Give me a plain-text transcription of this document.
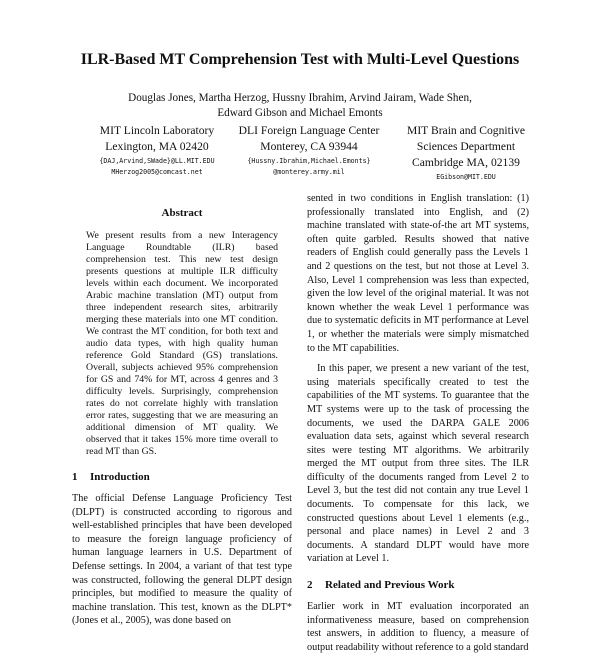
ILR-Based MT Comprehension Test with Multi-Level Questions
Douglas Jones, Martha Herzog, Hussny Ibrahim, Arvind Jairam, Wade Shen,
Edward Gibson and Michael Emonts
MIT Lincoln Laboratory
Lexington, MA 02420
{DAJ,Arvind,SWade}@LL.MIT.EDU
MHerzog2005@comcast.net
DLI Foreign Language Center
Monterey, CA 93944
{Hussny.Ibrahim,Michael.Emonts}
@monterey.army.mil
MIT Brain and Cognitive
Sciences Department
Cambridge MA, 02139
EGibson@MIT.EDU
Abstract

We present results from a new Interagency Language Roundtable (ILR) based comprehension test. This new test design presents questions at multiple ILR difficulty levels within each document. We incorporated Arabic machine translation (MT) output from three independent research sites, arbitrarily merging these materials into one MT condition. We contrast the MT condition, for both text and audio data types, with high quality human reference Gold Standard (GS) translations. Overall, subjects achieved 95% comprehension for GS and 74% for MT, across 4 genres and 3 difficulty levels. Surprisingly, comprehension rates do not correlate highly with translation error rates, suggesting that we are measuring an additional dimension of MT quality. We observed that it takes 15% more time overall to read MT than GS.

1 Introduction

The official Defense Language Proficiency Test (DLPT) is constructed according to rigorous and well-established principles that have been developed to measure the foreign language proficiency of human language learners in U.S. Department of Defense settings. In 2004, a variant of that test type was constructed, following the general DLPT design principles, but modified to measure the quality of machine translation. This test, known as the DLPT* (Jones et al., 2005), was done based on

sented in two conditions in English translation: (1) professionally translated into English, and (2) machine translated with state-of-the art MT systems, often quite garbled. Results showed that native readers of English could generally pass the Levels 1 and 2 questions on the test, but not those at Level 3. Also, Level 1 comprehension was less than expected, given the low level of the original material. It was not known whether the weak Level 1 performance was due to systematic deficits in MT performance at Level 1, or whether the materials were simply mismatched to the MT capabilities.

In this paper, we present a new variant of the test, using materials specifically created to test the capabilities of the MT systems. To guarantee that the MT systems were up to the task of processing the documents, we used the DARPA GALE 2006 evaluation data sets, against which several research sites were testing MT algorithms. We arbitrarily merged the MT output from three sites. The ILR difficulty of the documents ranged from Level 2 to Level 3, but the test did not contain any true Level 1 documents. To compensate for this lack, we constructed questions about Level 1 elements (e.g., personal and place names) in Level 2 and 3 documents. A standard DLPT would have more variation at Level 1.

2 Related and Previous Work

Earlier work in MT evaluation incorporated an informativeness measure, based on comprehension test answers, in addition to fluency, a measure of output readability without reference to a gold standard
